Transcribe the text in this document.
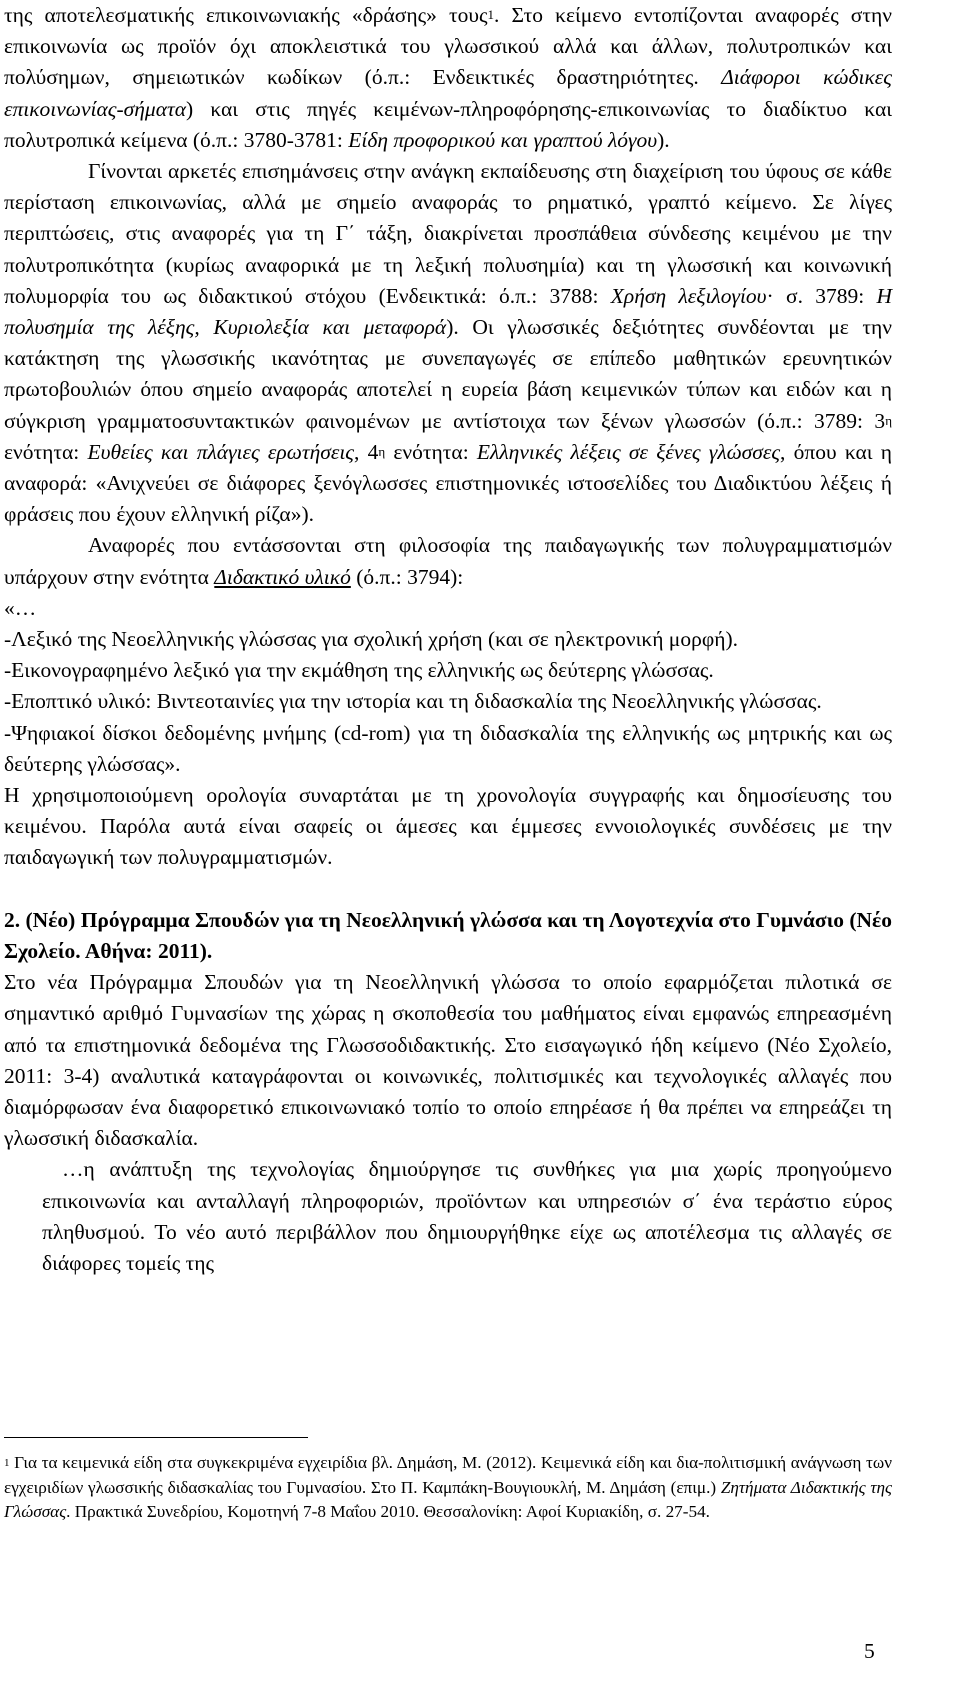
της αποτελεσματικής επικοινωνιακής «δράσης» τους$^1$. Στο κείμενο εντοπίζονται αναφορές στην επικοινωνία ως προϊόν όχι αποκλειστικά του γλωσσικού αλλά και άλλων, πολυτροπικών και πολύσημων, σημειωτικών κωδίκων (ό.π.: Ενδεικτικές δραστηριότητες. Διάφοροι κώδικες επικοινωνίας-σήματα) και στις πηγές κειμένων-πληροφόρησης-επικοινωνίας το διαδίκτυο και πολυτροπικά κείμενα (ό.π.: 3780-3781: Είδη προφορικού και γραπτού λόγου).

Γίνονται αρκετές επισημάνσεις στην ανάγκη εκπαίδευσης στη διαχείριση του ύφους σε κάθε περίσταση επικοινωνίας, αλλά με σημείο αναφοράς το ρηματικό, γραπτό κείμενο. Σε λίγες περιπτώσεις, στις αναφορές για τη Γ΄ τάξη, διακρίνεται προσπάθεια σύνδεσης κειμένου με την πολυτροπικότητα (κυρίως αναφορικά με τη λεξική πολυσημία) και τη γλωσσική και κοινωνική πολυμορφία του ως διδακτικού στόχου (Ενδεικτικά: ό.π.: 3788: Χρήση λεξιλογίου· σ. 3789: Η πολυσημία της λέξης, Κυριολεξία και μεταφορά). Οι γλωσσικές δεξιότητες συνδέονται με την κατάκτηση της γλωσσικής ικανότητας με συνεπαγωγές σε επίπεδο μαθητικών ερευνητικών πρωτοβουλιών όπου σημείο αναφοράς αποτελεί η ευρεία βάση κειμενικών τύπων και ειδών και η σύγκριση γραμματοσυντακτικών φαινομένων με αντίστοιχα των ξένων γλωσσών (ό.π.: 3789: $3^\eta$ ενότητα: Ευθείες και πλάγιες ερωτήσεις, $4^\eta$ ενότητα: Ελληνικές λέξεις σε ξένες γλώσσες, όπου και η αναφορά: «Ανιχνεύει σε διάφορες ξενόγλωσσες επιστημονικές ιστοσελίδες του Διαδικτύου λέξεις ή φράσεις που έχουν ελληνική ρίζα»).

Αναφορές που εντάσσονται στη φιλοσοφία της παιδαγωγικής των πολυγραμματισμών υπάρχουν στην ενότητα Διδακτικό υλικό (ό.π.: 3794):

«…

-Λεξικό της Νεοελληνικής γλώσσας για σχολική χρήση (και σε ηλεκτρονική μορφή).

-Εικονογραφημένο λεξικό για την εκμάθηση της ελληνικής ως δεύτερης γλώσσας.

-Εποπτικό υλικό: Βιντεοταινίες για την ιστορία και τη διδασκαλία της Νεοελληνικής γλώσσας.

-Ψηφιακοί δίσκοι δεδομένης μνήμης (cd-rom) για τη διδασκαλία της ελληνικής ως μητρικής και ως δεύτερης γλώσσας».

Η χρησιμοποιούμενη ορολογία συναρτάται με τη χρονολογία συγγραφής και δημοσίευσης του κειμένου. Παρόλα αυτά είναι σαφείς οι άμεσες και έμμεσες εννοιολογικές συνδέσεις με την παιδαγωγική των πολυγραμματισμών.

2. (Νέο) Πρόγραμμα Σπουδών για τη Νεοελληνική γλώσσα και τη Λογοτεχνία στο Γυμνάσιο (Νέο Σχολείο. Αθήνα: 2011).

Στο νέα Πρόγραμμα Σπουδών για τη Νεοελληνική γλώσσα το οποίο εφαρμόζεται πιλοτικά σε σημαντικό αριθμό Γυμνασίων της χώρας η σκοποθεσία του μαθήματος είναι εμφανώς επηρεασμένη από τα επιστημονικά δεδομένα της Γλωσσοδιδακτικής. Στο εισαγωγικό ήδη κείμενο (Νέο Σχολείο, 2011: 3-4) αναλυτικά καταγράφονται οι κοινωνικές, πολιτισμικές και τεχνολογικές αλλαγές που διαμόρφωσαν ένα διαφορετικό επικοινωνιακό τοπίο το οποίο επηρέασε ή θα πρέπει να επηρεάζει τη γλωσσική διδασκαλία.

…η ανάπτυξη της τεχνολογίας δημιούργησε τις συνθήκες για μια χωρίς προηγούμενο επικοινωνία και ανταλλαγή πληροφοριών, προϊόντων και υπηρεσιών σ΄ ένα τεράστιο εύρος πληθυσμού. Το νέο αυτό περιβάλλον που δημιουργήθηκε είχε ως αποτέλεσμα τις αλλαγές σε διάφορες τομείς της

$^1$ Για τα κειμενικά είδη στα συγκεκριμένα εγχειρίδια βλ. Δημάση, Μ. (2012). Κειμενικά είδη και δια-πολιτισμική ανάγνωση των εγχειριδίων γλωσσικής διδασκαλίας του Γυμνασίου. Στο Π. Καμπάκη-Βουγιουκλή, Μ. Δημάση (επιμ.) Ζητήματα Διδακτικής της Γλώσσας. Πρακτικά Συνεδρίου, Κομοτηνή 7-8 Μαΐου 2010. Θεσσαλονίκη: Αφοί Κυριακίδη, σ. 27-54.

5
